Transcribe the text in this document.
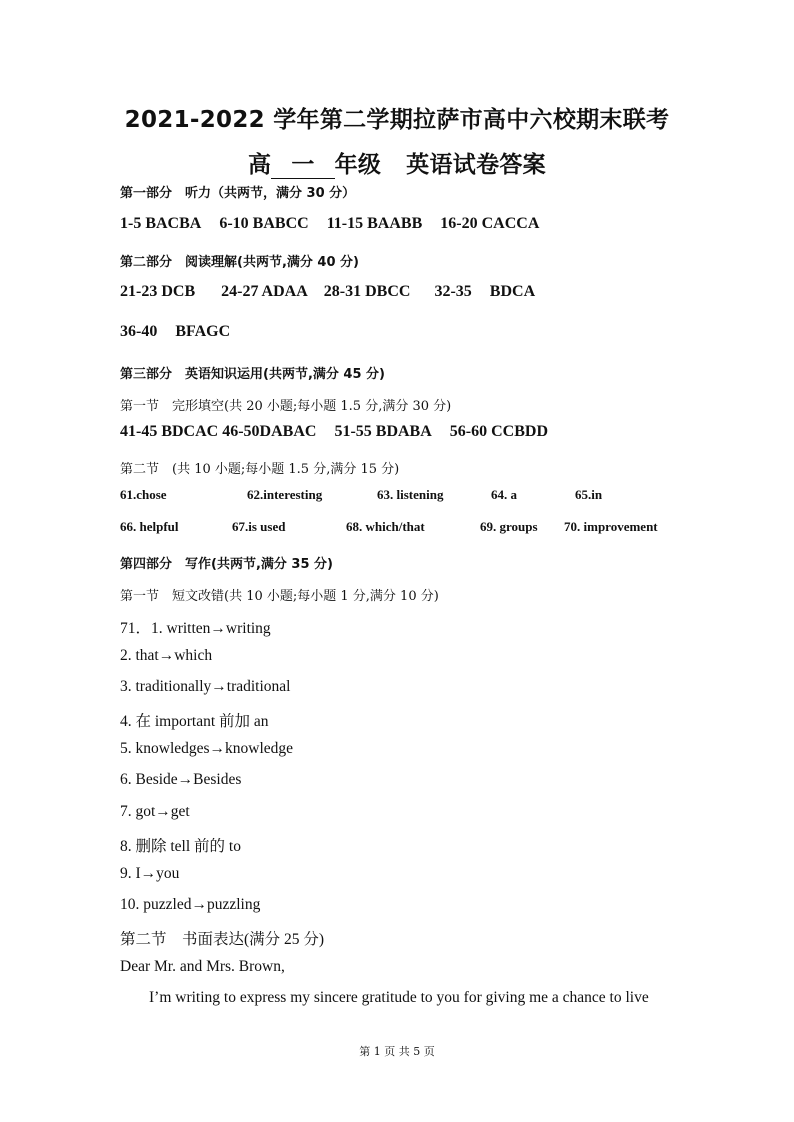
2021-2022 学年第二学期拉萨市高中六校期末联考
高 一 年级 英语试卷答案
第一部分　听力（共两节，满分 30 分）
1-5 BACBA 6-10 BABCC 11-15 BAABB 16-20 CACCA
第二部分　阅读理解(共两节,满分 40 分)
21-23 DCB 24-27 ADAA 28-31 DBCC 32-35 BDCA
36-40 BFAGC
第三部分　英语知识运用(共两节,满分 45 分)
第一节　完形填空(共 20 小题;每小题 1.5 分,满分 30 分)
41-45 BDCAC 46-50DABAC 51-55 BDABA 56-60 CCBDD
第二节　(共 10 小题;每小题 1.5 分,满分 15 分)
61.chose	62.interesting	63. listening	64. a	65.in
66. helpful	67.is used	68. which/that	69. groups 70. improvement
第四部分　写作(共两节,满分 35 分)
第一节　短文改错(共 10 小题;每小题 1 分,满分 10 分)
71．1. written→writing
2. that→which
3. traditionally→traditional
4. 在 important 前加 an
5. knowledges→knowledge
6. Beside→Besides
7. got→get
8. 删除 tell 前的 to
9. I→you
10. puzzled→puzzling
第二节　书面表达(满分 25 分)
Dear Mr. and Mrs. Brown,
I’m writing to express my sincere gratitude to you for giving me a chance to live
第 1 页 共 5 页
